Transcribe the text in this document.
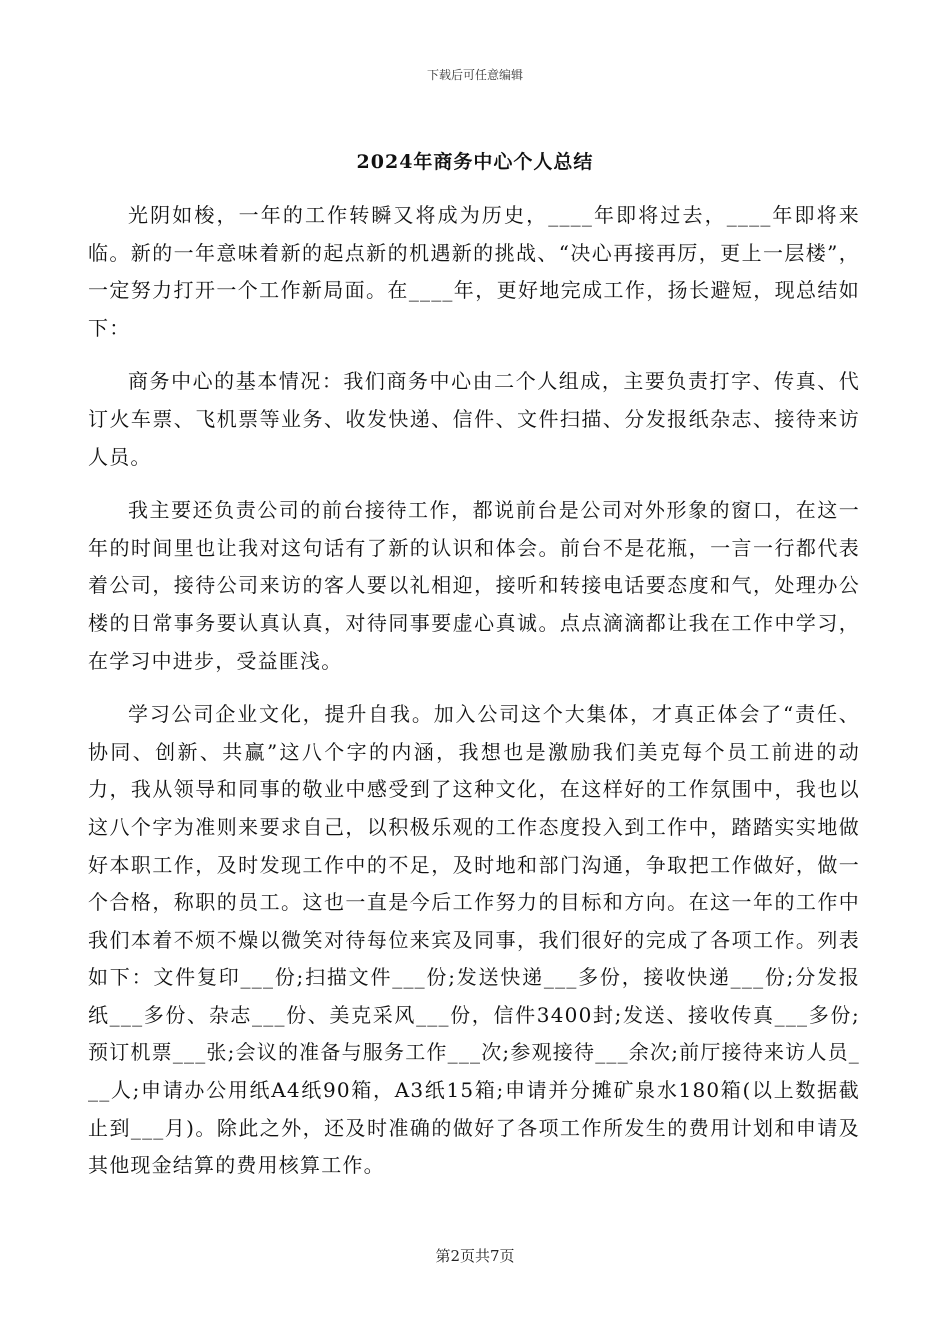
下载后可任意编辑
2024年商务中心个人总结

光阴如梭，一年的工作转瞬又将成为历史，____年即将过去，____年即将来临。新的一年意味着新的起点新的机遇新的挑战、“决心再接再厉，更上一层楼”，一定努力打开一个工作新局面。在____年，更好地完成工作，扬长避短，现总结如下：

商务中心的基本情况：我们商务中心由二个人组成，主要负责打字、传真、代订火车票、飞机票等业务、收发快递、信件、文件扫描、分发报纸杂志、接待来访人员。

我主要还负责公司的前台接待工作，都说前台是公司对外形象的窗口，在这一年的时间里也让我对这句话有了新的认识和体会。前台不是花瓶，一言一行都代表着公司，接待公司来访的客人要以礼相迎，接听和转接电话要态度和气，处理办公楼的日常事务要认真认真，对待同事要虚心真诚。点点滴滴都让我在工作中学习，在学习中进步，受益匪浅。

学习公司企业文化，提升自我。加入公司这个大集体，才真正体会了“责任、协同、创新、共赢”这八个字的内涵，我想也是激励我们美克每个员工前进的动力，我从领导和同事的敬业中感受到了这种文化，在这样好的工作氛围中，我也以这八个字为准则来要求自己，以积极乐观的工作态度投入到工作中，踏踏实实地做好本职工作，及时发现工作中的不足，及时地和部门沟通，争取把工作做好，做一个合格，称职的员工。这也一直是今后工作努力的目标和方向。在这一年的工作中我们本着不烦不燥以微笑对待每位来宾及同事，我们很好的完成了各项工作。列表如下：文件复印___份;扫描文件___份;发送快递___多份，接收快递___份;分发报纸___多份、杂志___份、美克采风___份，信件3400封;发送、接收传真___多份;预订机票___张;会议的准备与服务工作___次;参观接待___余次;前厅接待来访人员___人;申请办公用纸A4纸90箱，A3纸15箱;申请并分摊矿泉水180箱(以上数据截止到___月)。除此之外，还及时准确的做好了各项工作所发生的费用计划和申请及其他现金结算的费用核算工作。

第2页共7页
